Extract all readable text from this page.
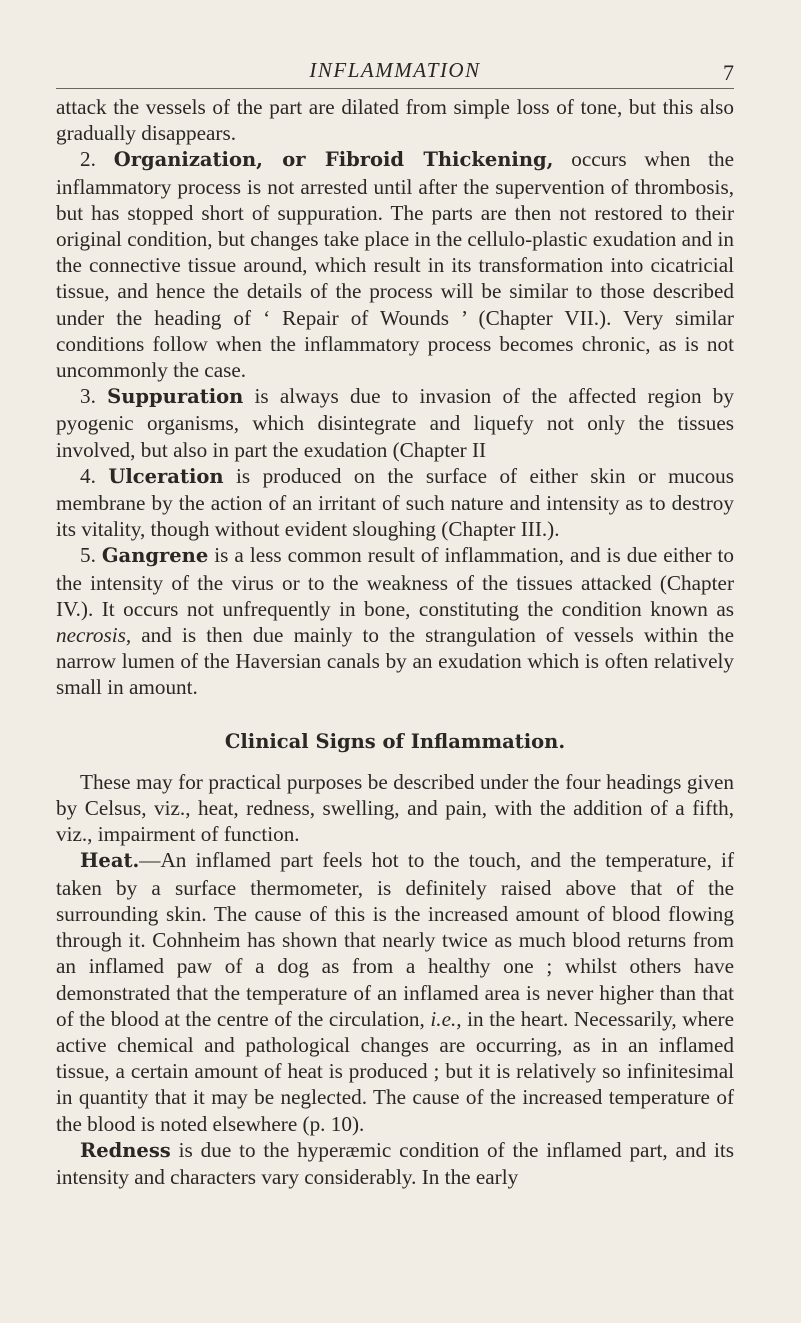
INFLAMMATION	7

attack the vessels of the part are dilated from simple loss of tone, but this also gradually disappears.

2. Organization, or Fibroid Thickening, occurs when the inflammatory process is not arrested until after the supervention of thrombosis, but has stopped short of suppuration. The parts are then not restored to their original condition, but changes take place in the cellulo-plastic exudation and in the connective tissue around, which result in its transformation into cicatricial tissue, and hence the details of the process will be similar to those described under the heading of ‘ Repair of Wounds ’ (Chapter VII.). Very similar conditions follow when the inflammatory process becomes chronic, as is not uncommonly the case.

3. Suppuration is always due to invasion of the affected region by pyogenic organisms, which disintegrate and liquefy not only the tissues involved, but also in part the exudation (Chapter II

4. Ulceration is produced on the surface of either skin or mucous membrane by the action of an irritant of such nature and intensity as to destroy its vitality, though without evident sloughing (Chapter III.).

5. Gangrene is a less common result of inflammation, and is due either to the intensity of the virus or to the weakness of the tissues attacked (Chapter IV.). It occurs not unfrequently in bone, constituting the condition known as necrosis, and is then due mainly to the strangulation of vessels within the narrow lumen of the Haversian canals by an exudation which is often relatively small in amount.

Clinical Signs of Inflammation.

These may for practical purposes be described under the four headings given by Celsus, viz., heat, redness, swelling, and pain, with the addition of a fifth, viz., impairment of function.

Heat.—An inflamed part feels hot to the touch, and the temperature, if taken by a surface thermometer, is definitely raised above that of the surrounding skin. The cause of this is the increased amount of blood flowing through it. Cohnheim has shown that nearly twice as much blood returns from an inflamed paw of a dog as from a healthy one ; whilst others have demonstrated that the temperature of an inflamed area is never higher than that of the blood at the centre of the circulation, i.e., in the heart. Necessarily, where active chemical and pathological changes are occurring, as in an inflamed tissue, a certain amount of heat is produced ; but it is relatively so infinitesimal in quantity that it may be neglected. The cause of the increased temperature of the blood is noted elsewhere (p. 10).

Redness is due to the hyperæmic condition of the inflamed part, and its intensity and characters vary considerably. In the early
